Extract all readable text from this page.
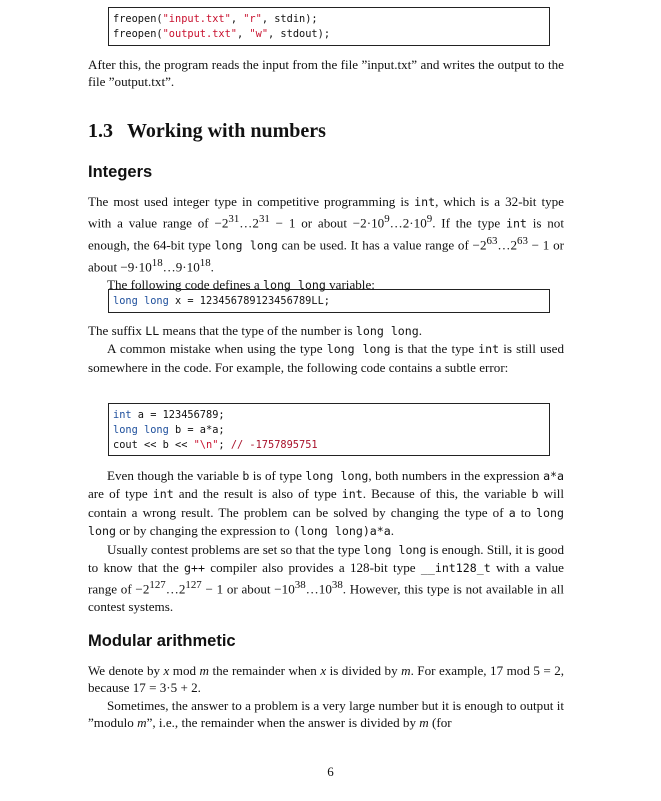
freopen("input.txt", "r", stdin);
freopen("output.txt", "w", stdout);

After this, the program reads the input from the file ”input.txt” and writes the output to the file ”output.txt”.

1.3 Working with numbers
Integers

The most used integer type in competitive programming is int, which is a 32-bit type with a value range of $-2^{31}\dots 2^{31} - 1$ or about $-2\cdot 10^9\dots 2\cdot 10^9$. If the type int is not enough, the 64-bit type long long can be used. It has a value range of $-2^{63}\dots 2^{63} - 1$ or about $-9\cdot 10^{18}\dots 9\cdot 10^{18}$.

The following code defines a long long variable:

long long x = 123456789123456789LL;

The suffix LL means that the type of the number is long long.

A common mistake when using the type long long is that the type int is still used somewhere in the code. For example, the following code contains a subtle error:

int a = 123456789;
long long b = a*a;
cout << b << "\n"; // -1757895751

Even though the variable b is of type long long, both numbers in the expression a*a are of type int and the result is also of type int. Because of this, the variable b will contain a wrong result. The problem can be solved by changing the type of a to long long or by changing the expression to (long long)a*a.

Usually contest problems are set so that the type long long is enough. Still, it is good to know that the g++ compiler also provides a 128-bit type __int128_t with a value range of $-2^{127}\dots 2^{127} - 1$ or about $-10^{38}\dots 10^{38}$. However, this type is not available in all contest systems.

Modular arithmetic

We denote by x mod m the remainder when x is divided by m. For example, 17 mod 5 = 2, because 17 = 3·5 + 2.

Sometimes, the answer to a problem is a very large number but it is enough to output it ”modulo m”, i.e., the remainder when the answer is divided by m (for

6
